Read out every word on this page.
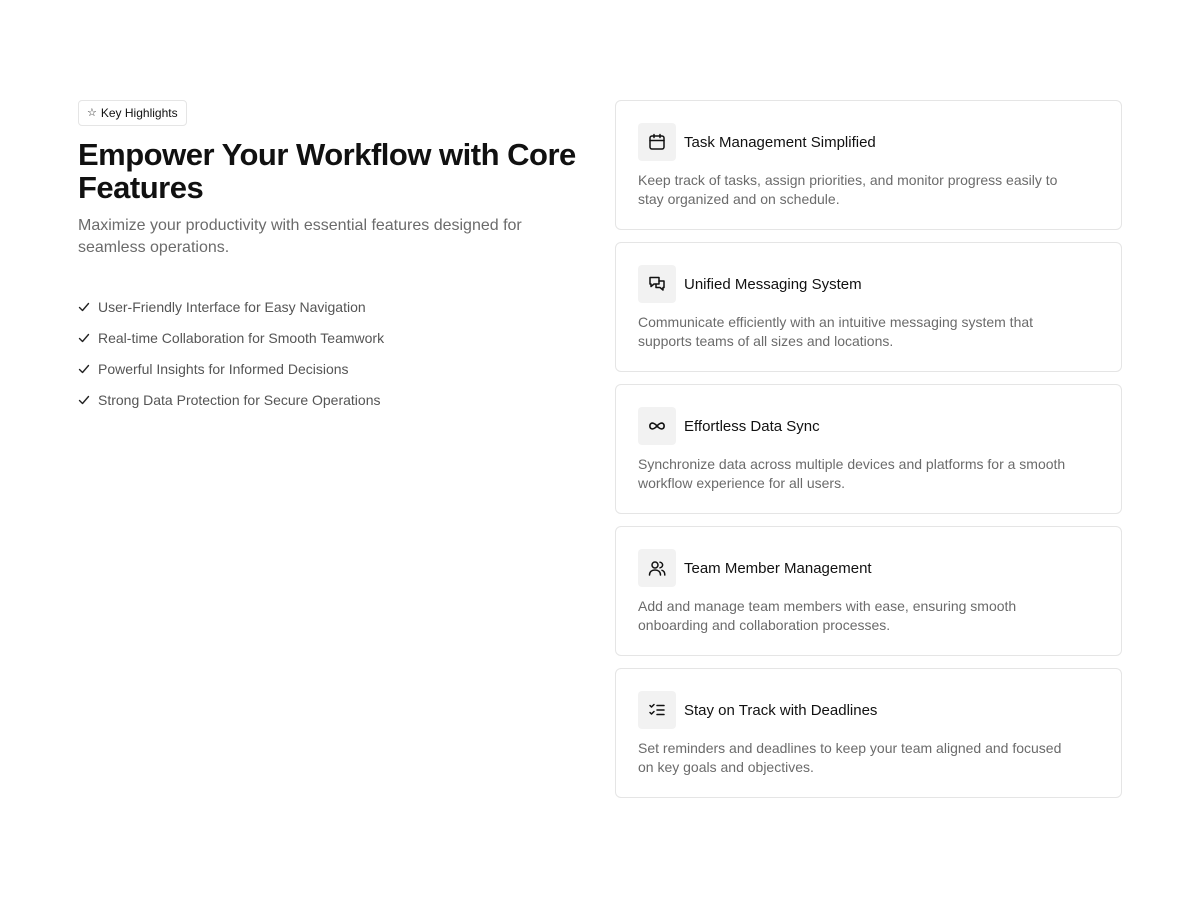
☆ Key Highlights
Empower Your Workflow with Core Features

Maximize your productivity with essential features designed for seamless operations.

User-Friendly Interface for Easy Navigation
Real-time Collaboration for Smooth Teamwork
Powerful Insights for Informed Decisions
Strong Data Protection for Secure Operations
Task Management Simplified

Keep track of tasks, assign priorities, and monitor progress easily to stay organized and on schedule.

Unified Messaging System

Communicate efficiently with an intuitive messaging system that supports teams of all sizes and locations.

Effortless Data Sync

Synchronize data across multiple devices and platforms for a smooth workflow experience for all users.

Team Member Management

Add and manage team members with ease, ensuring smooth onboarding and collaboration processes.

Stay on Track with Deadlines

Set reminders and deadlines to keep your team aligned and focused on key goals and objectives.
